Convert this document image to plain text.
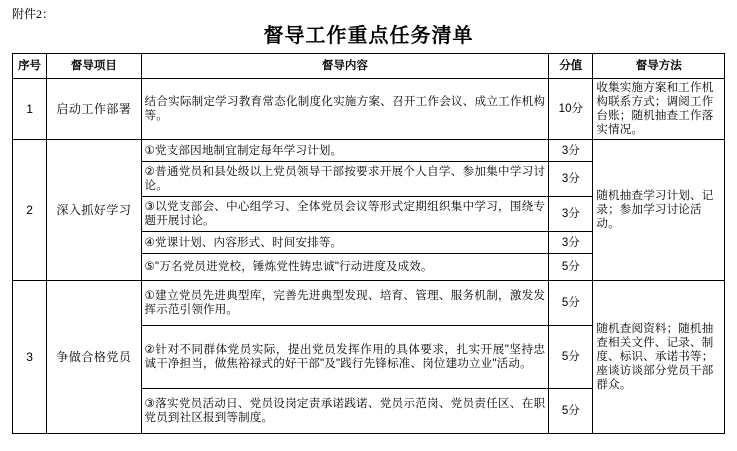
附件2：
督导工作重点任务清单
序号	督导项目	督导内容	分值	督导方法
1	启动工作部署	结合实际制定学习教育常态化制度化实施方案、召开工作会议、成立工作机构等。	10分	收集实施方案和工作机构联系方式；调阅工作台账；随机抽查工作落实情况。
2	深入抓好学习	①党支部因地制宜制定每年学习计划。	3分	随机抽查学习计划、记录；参加学习讨论活动。
		②普通党员和县处级以上党员领导干部按要求开展个人自学、参加集中学习讨论。	3分	
		③以党支部会、中心组学习、全体党员会议等形式定期组织集中学习，围绕专题开展讨论。	3分	
		④党课计划、内容形式、时间安排等。	3分	
		⑤"万名党员进党校，锤炼党性铸忠诚"行动进度及成效。	5分	
3	争做合格党员	①建立党员先进典型库，完善先进典型发现、培育、管理、服务机制，激发发挥示范引领作用。	5分	随机查阅资料；随机抽查相关文件、记录、制度、标识、承诺书等；座谈访谈部分党员干部群众。
		②针对不同群体党员实际，提出党员发挥作用的具体要求，扎实开展"坚持忠诚干净担当，做焦裕禄式的好干部"及"践行先锋标准、岗位建功立业"活动。	5分	
		③落实党员活动日、党员设岗定责承诺践诺、党员示范岗、党员责任区、在职党员到社区报到等制度。	5分	
